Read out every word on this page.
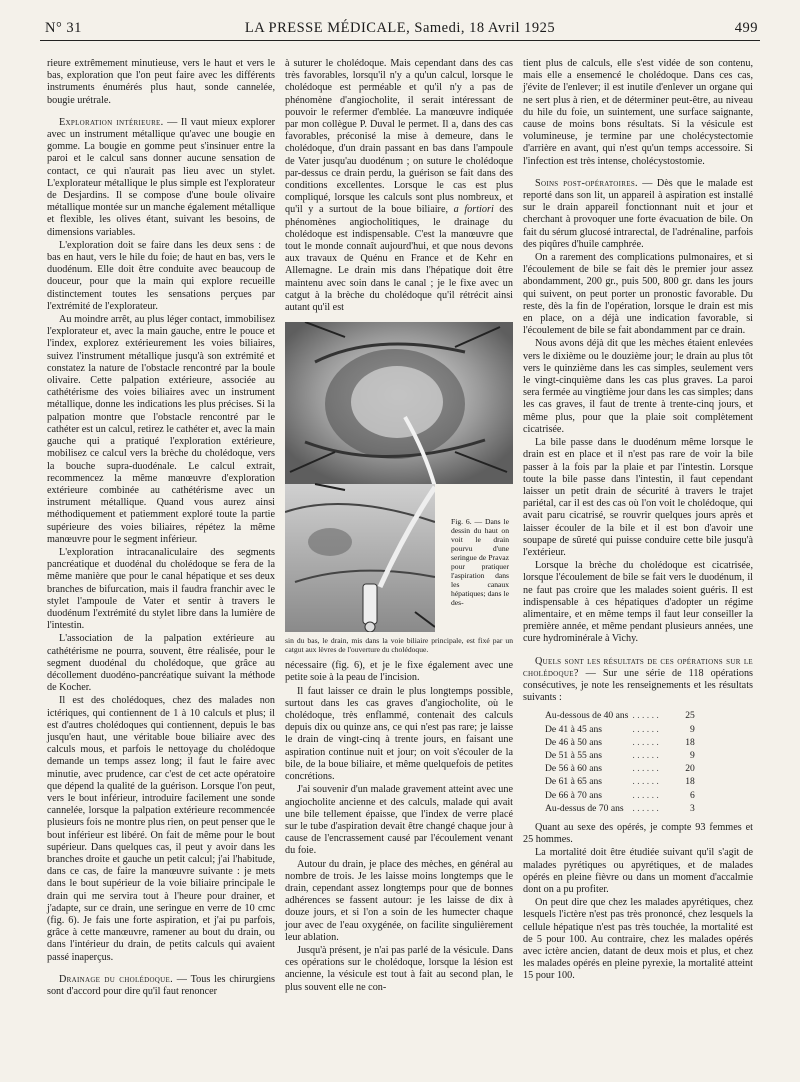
N° 31	LA PRESSE MÉDICALE, Samedi, 18 Avril 1925	499

rieure extrêmement minutieuse, vers le haut et vers le bas, exploration que l'on peut faire avec les différents instruments énumérés plus haut, sonde cannelée, bougie urétrale.

Exploration intérieure. — Il vaut mieux explorer avec un instrument métallique qu'avec une bougie en gomme. La bougie en gomme peut s'insinuer entre la paroi et le calcul sans donner aucune sensation de contact, ce qui n'aurait pas lieu avec un stylet. L'explorateur métallique le plus simple est l'explorateur de Desjardins. Il se compose d'une boule olivaire métallique montée sur un manche également métallique et flexible, les olives étant, suivant les besoins, de dimensions variables.

L'exploration doit se faire dans les deux sens : de bas en haut, vers le hile du foie; de haut en bas, vers le duodénum. Elle doit être conduite avec beaucoup de douceur, pour que la main qui explore recueille distinctement toutes les sensations perçues par l'extrémité de l'explorateur.

Au moindre arrêt, au plus léger contact, immobilisez l'explorateur et, avec la main gauche, entre le pouce et l'index, explorez extérieurement les voies biliaires, suivez l'instrument métallique jusqu'à son extrémité et constatez la nature de l'obstacle rencontré par la boule olivaire. Cette palpation extérieure, associée au cathétérisme des voies biliaires avec un instrument métallique, donne les indications les plus précises. Si la palpation montre que l'obstacle rencontré par le cathéter est un calcul, retirez le cathéter et, avec la main gauche qui a pratiqué l'exploration extérieure, mobilisez ce calcul vers la brèche du cholédoque, vers la bouche supra-duodénale. Le calcul extrait, recommencez la même manœuvre d'exploration extérieure combinée au cathétérisme avec un instrument métallique. Quand vous aurez ainsi méthodiquement et patiemment exploré toute la partie supérieure des voies biliaires, répétez la même manœuvre pour le segment inférieur.

L'exploration intracanaliculaire des segments pancréatique et duodénal du cholédoque se fera de la même manière que pour le canal hépatique et ses deux branches de bifurcation, mais il faudra franchir avec le stylet l'ampoule de Vater et sentir à travers le duodénum l'extrémité du stylet libre dans la lumière de l'intestin.

L'association de la palpation extérieure au cathétérisme ne pourra, souvent, être réalisée, pour le segment duodénal du cholédoque, que grâce au décollement duodéno-pancréatique suivant la méthode de Kocher.

Il est des cholédoques, chez des malades non ictériques, qui contiennent de 1 à 10 calculs et plus; il est d'autres cholédoques qui contiennent, depuis le bas jusqu'en haut, une véritable boue biliaire avec des calculs mous, et parfois le nettoyage du cholédoque demande un temps assez long; il faut le faire avec minutie, avec prudence, car c'est de cet acte opératoire que dépend la qualité de la guérison. Lorsque l'on peut, vers le bout inférieur, introduire facilement une sonde cannelée, lorsque la palpation extérieure recommencée plusieurs fois ne montre plus rien, on peut penser que le bout inférieur est libéré. On fait de même pour le bout supérieur. Dans quelques cas, il peut y avoir dans les branches droite et gauche un petit calcul; j'ai l'habitude, dans ce cas, de faire la manœuvre suivante : je mets dans le bout supérieur de la voie biliaire principale le drain qui me servira tout à l'heure pour drainer, et j'adapte, sur ce drain, une seringue en verre de 10 cmc (fig. 6). Je fais une forte aspiration, et j'ai pu parfois, grâce à cette manœuvre, ramener au bout du drain, ou dans l'intérieur du drain, de petits calculs qui avaient passé inaperçus.

Drainage du cholédoque. — Tous les chirurgiens sont d'accord pour dire qu'il faut renoncer

à suturer le cholédoque. Mais cependant dans des cas très favorables, lorsqu'il n'y a qu'un calcul, lorsque le cholédoque est perméable et qu'il n'y a pas de phénomène d'angiocholite, il serait intéressant de pouvoir le refermer d'emblée. La manœuvre indiquée par mon collègue P. Duval le permet. Il a, dans des cas favorables, préconisé la mise à demeure, dans le cholédoque, d'un drain passant en bas dans l'ampoule de Vater jusqu'au duodénum ; on suture le cholédoque par-dessus ce drain perdu, la guérison se fait dans des conditions excellentes. Lorsque le cas est plus compliqué, lorsque les calculs sont plus nombreux, et qu'il y a surtout de la boue biliaire, a fortiori des phénomènes angiocholitiques, le drainage du cholédoque est indispensable. C'est la manœuvre que tout le monde connaît aujourd'hui, et que nous devons aux travaux de Quénu en France et de Kehr en Allemagne. Le drain mis dans l'hépatique doit être maintenu avec soin dans le canal ; je le fixe avec un catgut à la brèche du cholédoque qu'il rétrécit ainsi autant qu'il est

Fig. 6. — Dans le dessin du haut on voit le drain pourvu d'une seringue de Pravaz pour pratiquer l'aspiration dans les canaux hépatiques; dans le des-
sin du bas, le drain, mis dans la voie biliaire principale, est fixé par un catgut aux lèvres de l'ouverture du cholédoque.

nécessaire (fig. 6), et je le fixe également avec une petite soie à la peau de l'incision.

Il faut laisser ce drain le plus longtemps possible, surtout dans les cas graves d'angiocholite, où le cholédoque, très enflammé, contenait des calculs depuis dix ou quinze ans, ce qui n'est pas rare; je laisse le drain de vingt-cinq à trente jours, en faisant une aspiration continue nuit et jour; on voit s'écouler de la bile, de la boue biliaire, et même quelquefois de petites concrétions.

J'ai souvenir d'un malade gravement atteint avec une angiocholite ancienne et des calculs, malade qui avait une bile tellement épaisse, que l'index de verre placé sur le tube d'aspiration devait être changé chaque jour à cause de l'encrassement causé par l'écoulement venant du foie.

Autour du drain, je place des mèches, en général au nombre de trois. Je les laisse moins longtemps que le drain, cependant assez longtemps pour que de bonnes adhérences se fassent autour: je les laisse de dix à douze jours, et si l'on a soin de les humecter chaque jour avec de l'eau oxygénée, on facilite singulièrement leur ablation.

Jusqu'à présent, je n'ai pas parlé de la vésicule. Dans ces opérations sur le cholédoque, lorsque la lésion est ancienne, la vésicule est tout à fait au second plan, le plus souvent elle ne con-

tient plus de calculs, elle s'est vidée de son contenu, mais elle a ensemencé le cholédoque. Dans ces cas, j'évite de l'enlever; il est inutile d'enlever un organe qui ne sert plus à rien, et de déterminer peut-être, au niveau du hile du foie, un suintement, une surface saignante, cause de moins bons résultats. Si la vésicule est volumineuse, je termine par une cholécystectomie d'arrière en avant, qui n'est qu'un temps accessoire. Si l'infection est très intense, cholécystostomie.

Soins post-opératoires. — Dès que le malade est reporté dans son lit, un appareil à aspiration est installé sur le drain appareil fonctionnant nuit et jour et cherchant à provoquer une forte évacuation de bile. On fait du sérum glucosé intrarectal, de l'adrénaline, parfois des piqûres d'huile camphrée.

On a rarement des complications pulmonaires, et si l'écoulement de bile se fait dès le premier jour assez abondamment, 200 gr., puis 500, 800 gr. dans les jours qui suivent, on peut porter un pronostic favorable. Du reste, dès la fin de l'opération, lorsque le drain est mis en place, on a déjà une indication favorable, si l'écoulement de bile se fait abondamment par ce drain.

Nous avons déjà dit que les mèches étaient enlevées vers le dixième ou le douzième jour; le drain au plus tôt vers le quinzième dans les cas simples, seulement vers le vingt-cinquième dans les cas plus graves. La paroi sera fermée au vingtième jour dans les cas simples; dans les cas graves, il faut de trente à trente-cinq jours, et même plus, pour que la plaie soit complètement cicatrisée.

La bile passe dans le duodénum même lorsque le drain est en place et il n'est pas rare de voir la bile passer à la fois par la plaie et par l'intestin. Lorsque toute la bile passe dans l'intestin, il faut cependant laisser un petit drain de sécurité à travers le trajet pariétal, car il est des cas où l'on voit le cholédoque, qui avait paru cicatrisé, se rouvrir quelques jours après et laisser écouler de la bile et il est bon d'avoir une soupape de sûreté qui puisse conduire cette bile jusqu'à l'extérieur.

Lorsque la brèche du cholédoque est cicatrisée, lorsque l'écoulement de bile se fait vers le duodénum, il ne faut pas croire que les malades soient guéris. Il est indispensable à ces hépatiques d'adopter un régime alimentaire, et en même temps il faut leur conseiller la première année, et même pendant plusieurs années, une cure hydrominérale à Vichy.

Quels sont les résultats de ces opérations sur le cholédoque? — Sur une série de 118 opérations consécutives, je note les renseignements et les résultats suivants :

Au-dessous de 40 ans	. . . . . .	25
De 41 à 45 ans	. . . . . .	9
De 46 à 50 ans	. . . . . .	18
De 51 à 55 ans	. . . . . .	9
De 56 à 60 ans	. . . . . .	20
De 61 à 65 ans	. . . . . .	18
De 66 à 70 ans	. . . . . .	6
Au-dessus de 70 ans	. . . . . .	3

Quant au sexe des opérés, je compte 93 femmes et 25 hommes.

La mortalité doit être étudiée suivant qu'il s'agit de malades pyrétiques ou apyrétiques, et de malades opérés en pleine fièvre ou dans un moment d'accalmie dont on a pu profiter.

On peut dire que chez les malades apyrétiques, chez lesquels l'ictère n'est pas très prononcé, chez lesquels la cellule hépatique n'est pas très touchée, la mortalité est de 5 pour 100. Au contraire, chez les malades opérés avec ictère ancien, datant de deux mois et plus, et chez les malades opérés en pleine pyrexie, la mortalité atteint 15 pour 100.
